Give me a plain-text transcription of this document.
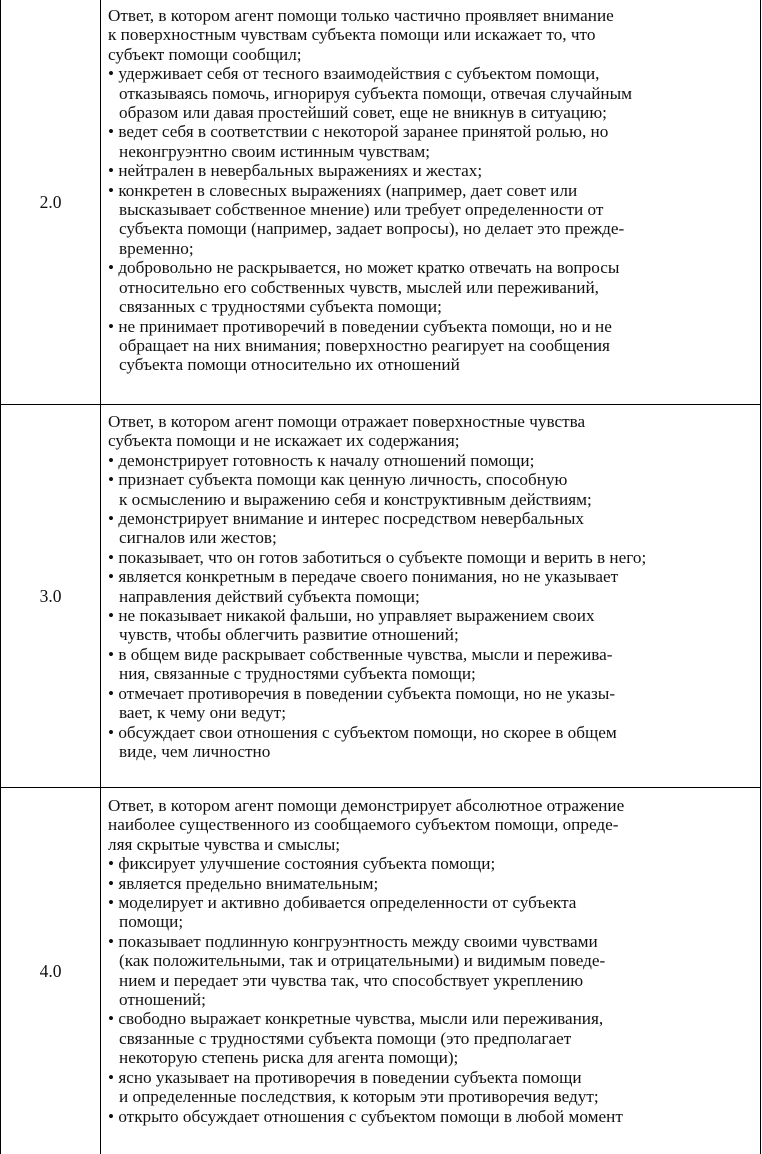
2.0
Ответ, в котором агент помощи только частично проявляет внимание
к поверхностным чувствам субъекта помощи или искажает то, что
субъект помощи сообщил;
• удерживает себя от тесного взаимодействия с субъектом помощи,
отказываясь помочь, игнорируя субъекта помощи, отвечая случайным
образом или давая простейший совет, еще не вникнув в ситуацию;
• ведет себя в соответствии с некоторой заранее принятой ролью, но
неконгруэнтно своим истинным чувствам;
• нейтрален в невербальных выражениях и жестах;
• конкретен в словесных выражениях (например, дает совет или
высказывает собственное мнение) или требует определенности от
субъекта помощи (например, задает вопросы), но делает это прежде-
временно;
• добровольно не раскрывается, но может кратко отвечать на вопросы
относительно его собственных чувств, мыслей или переживаний,
связанных с трудностями субъекта помощи;
• не принимает противоречий в поведении субъекта помощи, но и не
обращает на них внимания; поверхностно реагирует на сообщения
субъекта помощи относительно их отношений
3.0
Ответ, в котором агент помощи отражает поверхностные чувства
субъекта помощи и не искажает их содержания;
• демонстрирует готовность к началу отношений помощи;
• признает субъекта помощи как ценную личность, способную
к осмыслению и выражению себя и конструктивным действиям;
• демонстрирует внимание и интерес посредством невербальных
сигналов или жестов;
• показывает, что он готов заботиться о субъекте помощи и верить в него;
• является конкретным в передаче своего понимания, но не указывает
направления действий субъекта помощи;
• не показывает никакой фальши, но управляет выражением своих
чувств, чтобы облегчить развитие отношений;
• в общем виде раскрывает собственные чувства, мысли и пережива-
ния, связанные с трудностями субъекта помощи;
• отмечает противоречия в поведении субъекта помощи, но не указы-
вает, к чему они ведут;
• обсуждает свои отношения с субъектом помощи, но скорее в общем
виде, чем личностно
4.0
Ответ, в котором агент помощи демонстрирует абсолютное отражение
наиболее существенного из сообщаемого субъектом помощи, опреде-
ляя скрытые чувства и смыслы;
• фиксирует улучшение состояния субъекта помощи;
• является предельно внимательным;
• моделирует и активно добивается определенности от субъекта
помощи;
• показывает подлинную конгруэнтность между своими чувствами
(как положительными, так и отрицательными) и видимым поведе-
нием и передает эти чувства так, что способствует укреплению
отношений;
• свободно выражает конкретные чувства, мысли или переживания,
связанные с трудностями субъекта помощи (это предполагает
некоторую степень риска для агента помощи);
• ясно указывает на противоречия в поведении субъекта помощи
и определенные последствия, к которым эти противоречия ведут;
• открыто обсуждает отношения с субъектом помощи в любой момент
